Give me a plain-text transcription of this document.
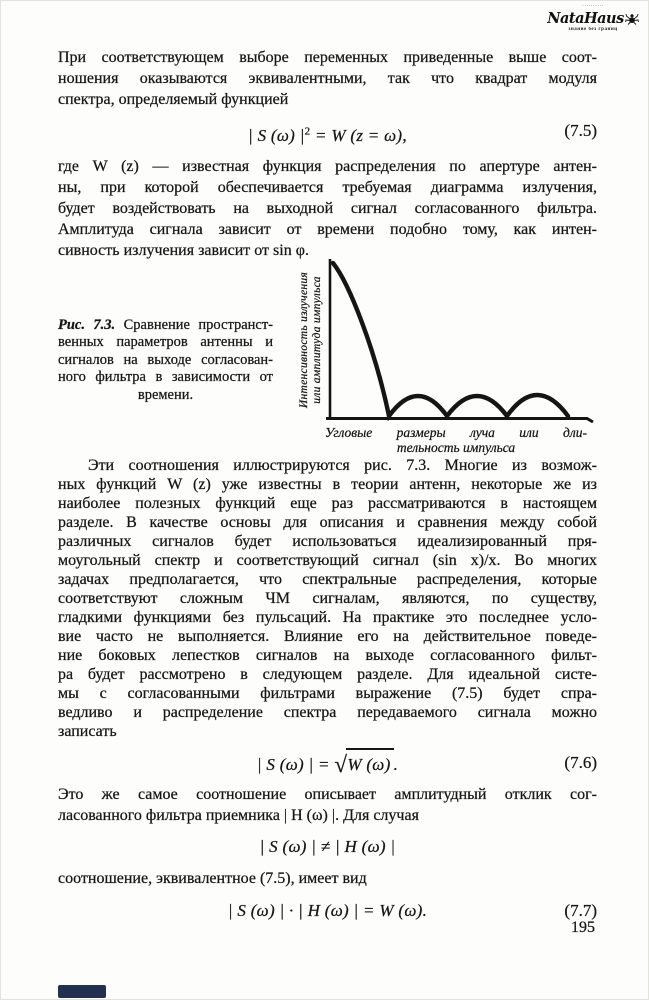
··········
NataHaus
знание без границ
При соответствующем выборе переменных приведенные выше соот-
ношения оказываются эквивалентными, так что квадрат модуля
спектра, определяемый функцией
| S (ω) $|^2 = W$ (z = ω),	(7.5)
где W (z) — известная функция распределения по апертуре антен-
ны, при которой обеспечивается требуемая диаграмма излучения,
будет воздействовать на выходной сигнал согласованного фильтра.
Амплитуда сигнала зависит от времени подобно тому, как интен-
сивность излучения зависит от sin φ.
Рис. 7.3. Сравнение пространст-
венных параметров антенны и
сигналов на выходе согласован-
ного фильтра в зависимости от
времени.	Интенсивность излучения или амплитуда импульса
Угловые размеры луча или дли-
тельность импульса
Эти соотношения иллюстрируются рис. 7.3. Многие из возмож-
ных функций W (z) уже известны в теории антенн, некоторые же из
наиболее полезных функций еще раз рассматриваются в настоящем
разделе. В качестве основы для описания и сравнения между собой
различных сигналов будет использоваться идеализированный пря-
моугольный спектр и соответствующий сигнал (sin x)/x. Во многих
задачах предполагается, что спектральные распределения, которые
соответствуют сложным ЧМ сигналам, являются, по существу,
гладкими функциями без пульсаций. На практике это последнее усло-
вие часто не выполняется. Влияние его на действительное поведе-
ние боковых лепестков сигналов на выходе согласованного фильт-
ра будет рассмотрено в следующем разделе. Для идеальной систе-
мы с согласованными фильтрами выражение (7.5) будет спра-
ведливо и распределение спектра передаваемого сигнала можно
записать
| S (ω) | = √W (ω) .	(7.6)
Это же самое соотношение описывает амплитудный отклик сог-
ласованного фильтра приемника | H (ω) |. Для случая
| S (ω) | ≠ | H (ω) |
соотношение, эквивалентное (7.5), имеет вид
| S (ω) | · | H (ω) | = W (ω).	(7.7)
195
